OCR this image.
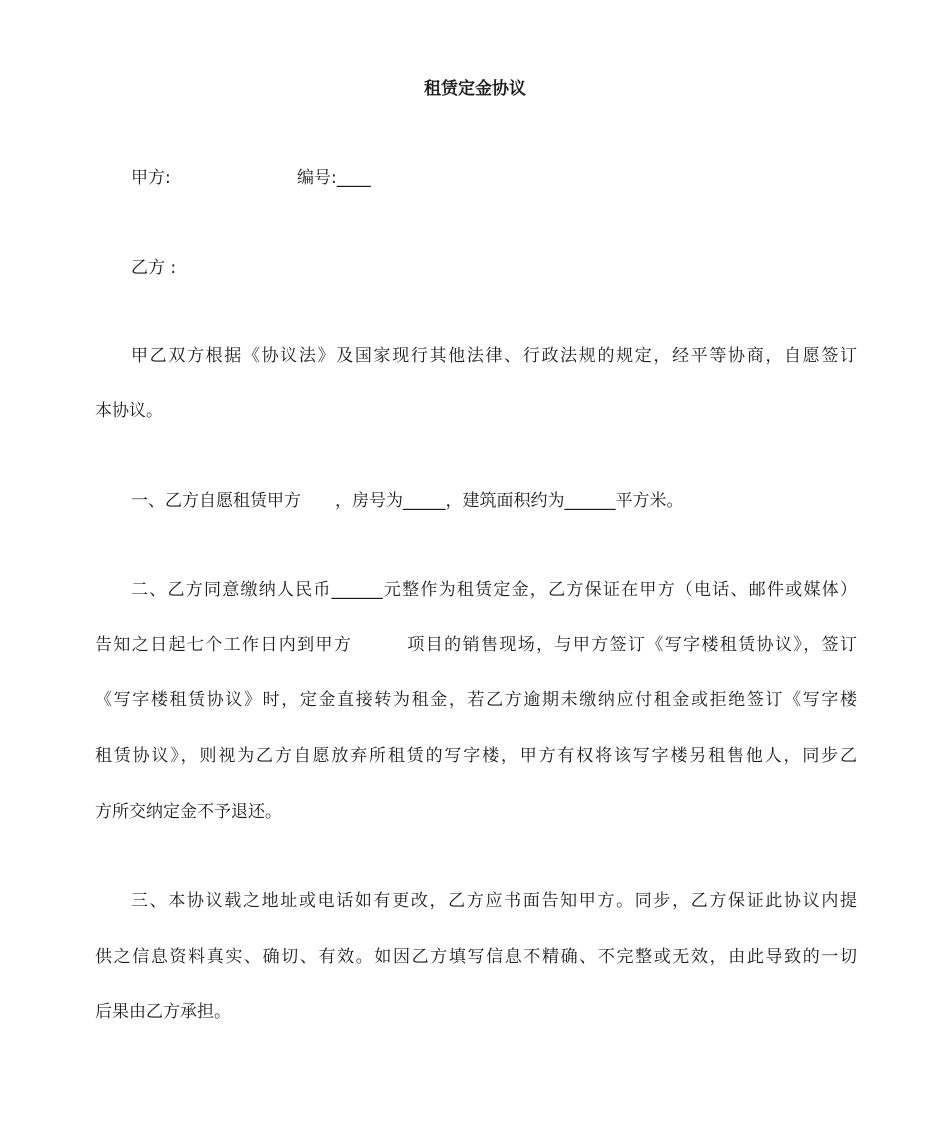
租赁定金协议
甲方:	编号:____
乙方 :
甲乙双方根据《协议法》及国家现行其他法律、行政法规的规定，经平等协商，自愿签订
本协议。
一、乙方自愿租赁甲方　　，房号为_____，建筑面积约为______平方米。
二、乙方同意缴纳人民币______元整作为租赁定金，乙方保证在甲方（电话、邮件或媒体）
告知之日起七个工作日内到甲方　　　项目的销售现场，与甲方签订《写字楼租赁协议》，签订
《写字楼租赁协议》时，定金直接转为租金，若乙方逾期未缴纳应付租金或拒绝签订《写字楼
租赁协议》，则视为乙方自愿放弃所租赁的写字楼，甲方有权将该写字楼另租售他人，同步乙
方所交纳定金不予退还。
三、本协议载之地址或电话如有更改，乙方应书面告知甲方。同步，乙方保证此协议内提
供之信息资料真实、确切、有效。如因乙方填写信息不精确、不完整或无效，由此导致的一切
后果由乙方承担。
